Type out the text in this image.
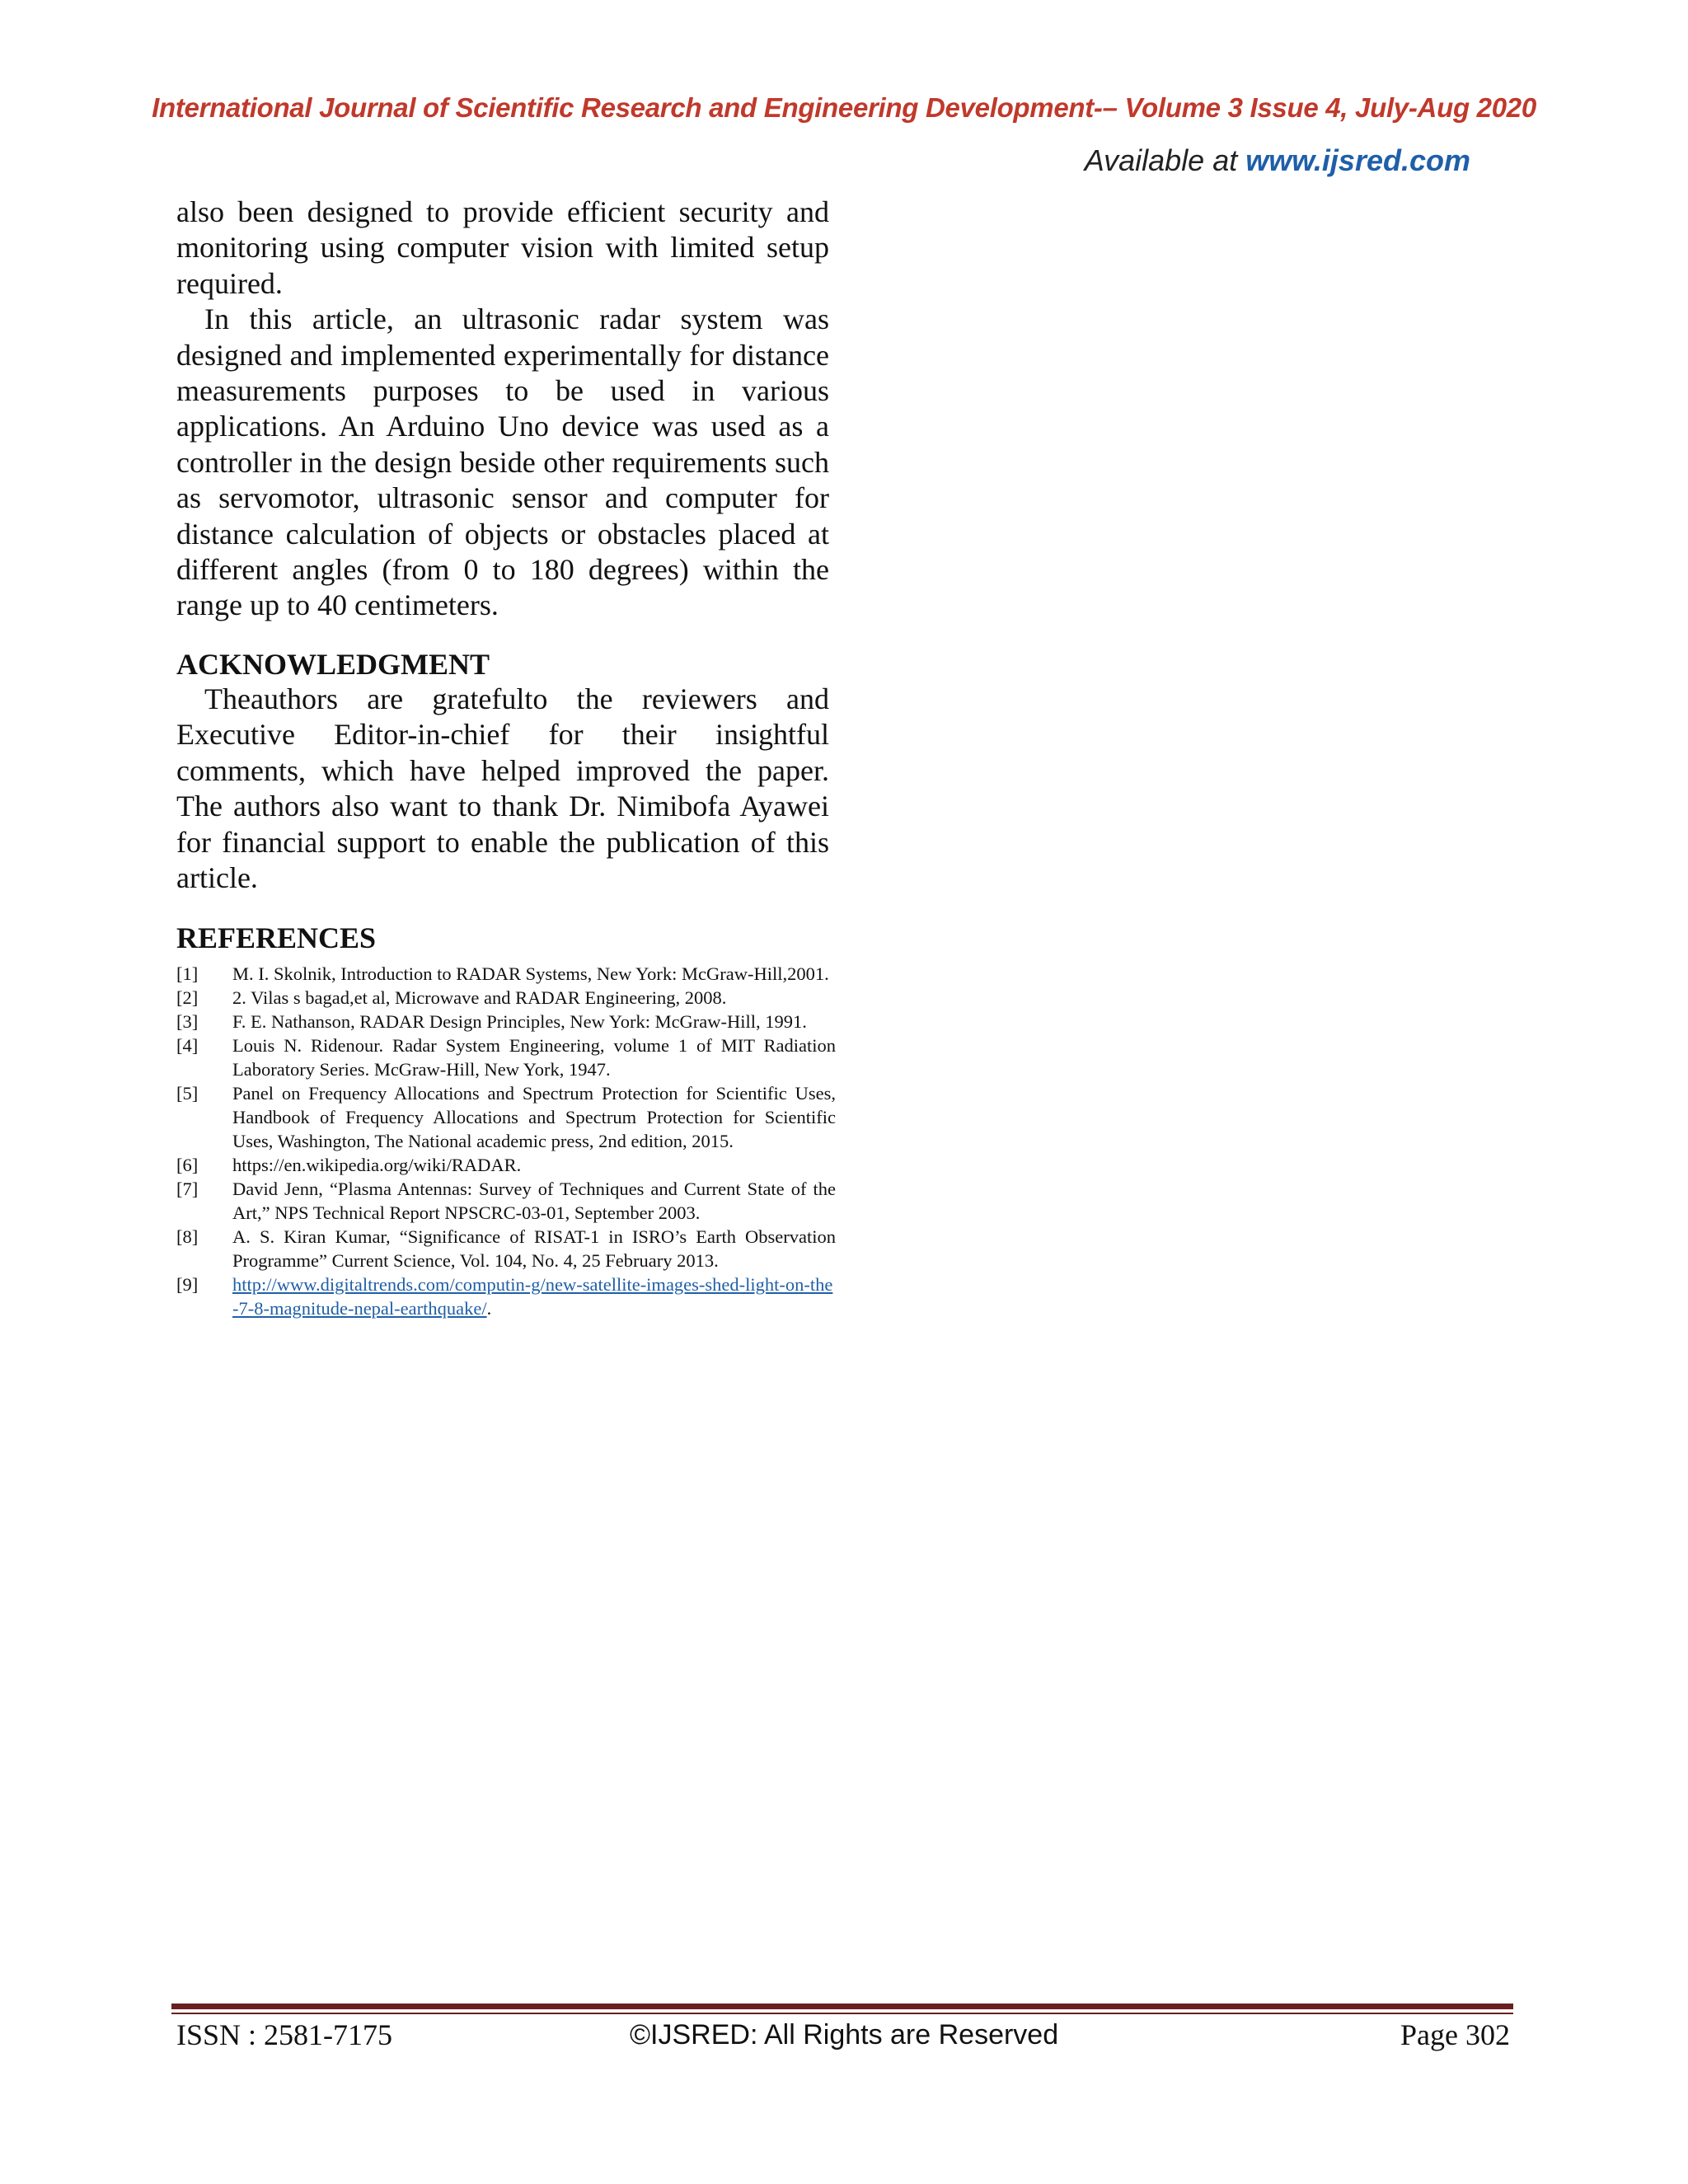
International Journal of Scientific Research and Engineering Development-– Volume 3 Issue 4, July-Aug 2020
Available at www.ijsred.com

also been designed to provide efficient security and monitoring using computer vision with limited setup required.

In this article, an ultrasonic radar system was designed and implemented experimentally for distance measurements purposes to be used in various applications. An Arduino Uno device was used as a controller in the design beside other requirements such as servomotor, ultrasonic sensor and computer for distance calculation of objects or obstacles placed at different angles (from 0 to 180 degrees) within the range up to 40 centimeters.

ACKNOWLEDGMENT

Theauthors are gratefulto the reviewers and Executive Editor-in-chief for their insightful comments, which have helped improved the paper. The authors also want to thank Dr. Nimibofa Ayawei for financial support to enable the publication of this article.

REFERENCES
[1]	M. I. Skolnik, Introduction to RADAR Systems, New York: McGraw-Hill,2001.
[2]	2. Vilas s bagad,et al, Microwave and RADAR Engineering, 2008.
[3]	F. E. Nathanson, RADAR Design Principles, New York: McGraw-Hill, 1991.
[4]	Louis N. Ridenour. Radar System Engineering, volume 1 of MIT Radiation Laboratory Series. McGraw-Hill, New York, 1947.
[5]	Panel on Frequency Allocations and Spectrum Protection for Scientific Uses, Handbook of Frequency Allocations and Spectrum Protection for Scientific Uses, Washington, The National academic press, 2nd edition, 2015.
[6]	https://en.wikipedia.org/wiki/RADAR.
[7]	David Jenn, “Plasma Antennas: Survey of Techniques and Current State of the Art,” NPS Technical Report NPSCRC-03-01, September 2003.
[8]	A. S. Kiran Kumar, “Significance of RISAT-1 in ISRO’s Earth Observation Programme” Current Science, Vol. 104, No. 4, 25 February 2013.
[9]	http://www.digitaltrends.com/computin-g/new-satellite-images-shed-light-on-the-7-8-magnitude-nepal-earthquake/.
ISSN : 2581-7175	©IJSRED: All Rights are Reserved	Page 302
